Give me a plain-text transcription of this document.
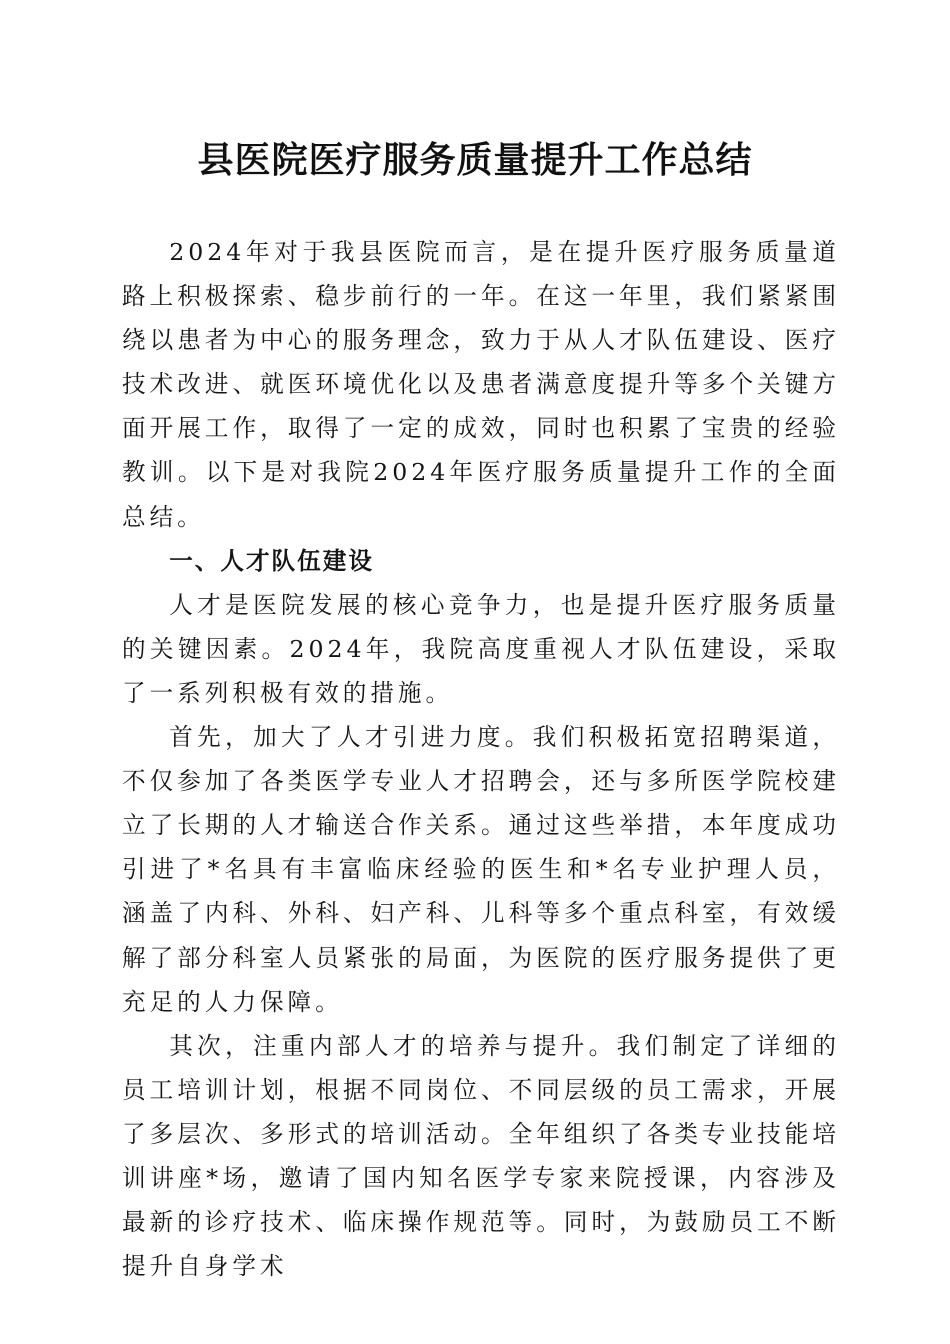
县医院医疗服务质量提升工作总结

2024年对于我县医院而言，是在提升医疗服务质量道路上积极探索、稳步前行的一年。在这一年里，我们紧紧围绕以患者为中心的服务理念，致力于从人才队伍建设、医疗技术改进、就医环境优化以及患者满意度提升等多个关键方面开展工作，取得了一定的成效，同时也积累了宝贵的经验教训。以下是对我院2024年医疗服务质量提升工作的全面总结。

一、人才队伍建设

人才是医院发展的核心竞争力，也是提升医疗服务质量的关键因素。2024年，我院高度重视人才队伍建设，采取了一系列积极有效的措施。

首先，加大了人才引进力度。我们积极拓宽招聘渠道，不仅参加了各类医学专业人才招聘会，还与多所医学院校建立了长期的人才输送合作关系。通过这些举措，本年度成功引进了*名具有丰富临床经验的医生和*名专业护理人员，涵盖了内科、外科、妇产科、儿科等多个重点科室，有效缓解了部分科室人员紧张的局面，为医院的医疗服务提供了更充足的人力保障。

其次，注重内部人才的培养与提升。我们制定了详细的员工培训计划，根据不同岗位、不同层级的员工需求，开展了多层次、多形式的培训活动。全年组织了各类专业技能培训讲座*场，邀请了国内知名医学专家来院授课，内容涉及最新的诊疗技术、临床操作规范等。同时，为鼓励员工不断提升自身学术
